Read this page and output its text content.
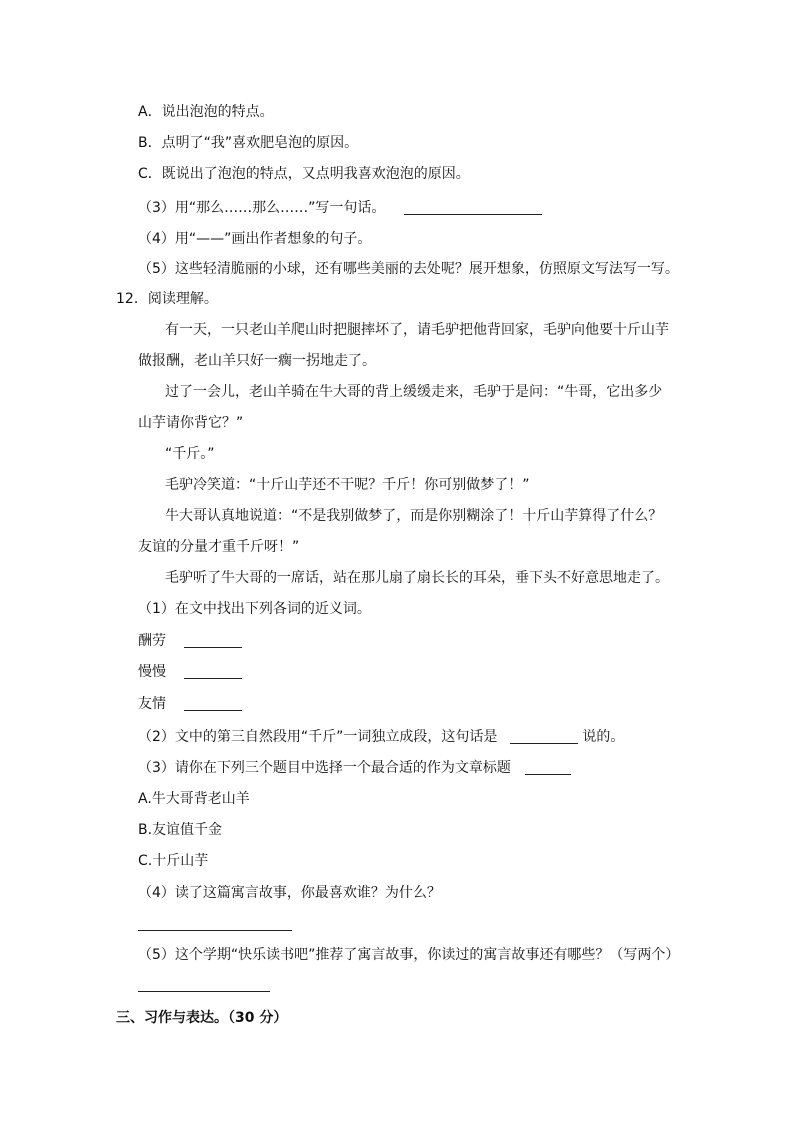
A．说出泡泡的特点。
B．点明了“我”喜欢肥皂泡的原因。
C．既说出了泡泡的特点，又点明我喜欢泡泡的原因。
（3）用“那么……那么……”写一句话。
（4）用“——”画出作者想象的句子。
（5）这些轻清脆丽的小球，还有哪些美丽的去处呢？展开想象，仿照原文写法写一写。
12．阅读理解。
有一天，一只老山羊爬山时把腿摔坏了，请毛驴把他背回家，毛驴向他要十斤山芋
做报酬，老山羊只好一瘸一拐地走了。
过了一会儿，老山羊骑在牛大哥的背上缓缓走来，毛驴于是问：“牛哥，它出多少
山芋请你背它？”
“千斤。”
毛驴冷笑道：“十斤山芋还不干呢？千斤！你可别做梦了！”
牛大哥认真地说道：“不是我别做梦了，而是你别糊涂了！十斤山芋算得了什么？
友谊的分量才重千斤呀！”
毛驴听了牛大哥的一席话，站在那儿扇了扇长长的耳朵，垂下头不好意思地走了。
（1）在文中找出下列各词的近义词。
酬劳
慢慢
友情
（2）文中的第三自然段用“千斤”一词独立成段，这句话是	说的。
（3）请你在下列三个题目中选择一个最合适的作为文章标题
A.牛大哥背老山羊
B.友谊值千金
C.十斤山芋
（4）读了这篇寓言故事，你最喜欢谁？为什么？
（5）这个学期“快乐读书吧”推荐了寓言故事，你读过的寓言故事还有哪些？（写两个）
三、习作与表达。（30 分）
